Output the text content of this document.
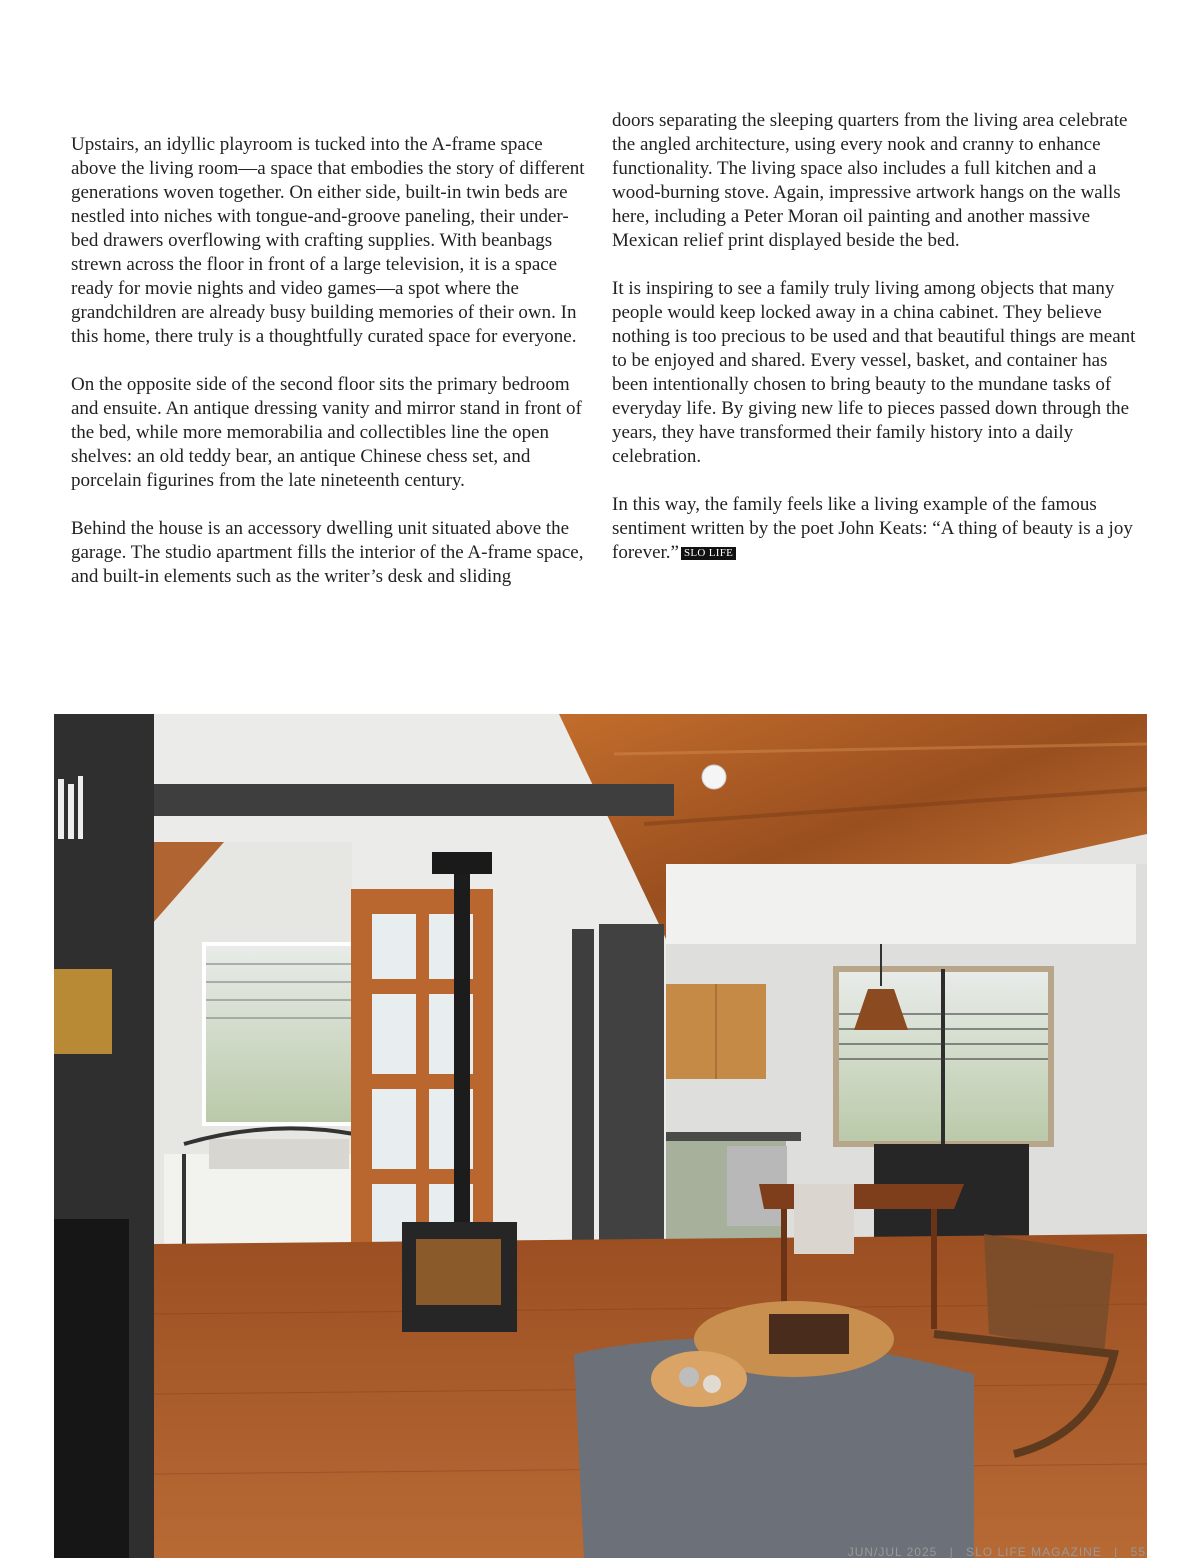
Upstairs, an idyllic playroom is tucked into the A-frame space above the living room—a space that embodies the story of different generations woven together. On either side, built-in twin beds are nestled into niches with tongue-and-groove paneling, their under-bed drawers overflowing with crafting supplies. With beanbags strewn across the floor in front of a large television, it is a space ready for movie nights and video games—a spot where the grandchildren are already busy building memories of their own. In this home, there truly is a thoughtfully curated space for everyone.

On the opposite side of the second floor sits the primary bedroom and ensuite. An antique dressing vanity and mirror stand in front of the bed, while more memorabilia and collectibles line the open shelves: an old teddy bear, an antique Chinese chess set, and porcelain figurines from the late nineteenth century.

Behind the house is an accessory dwelling unit situated above the garage. The studio apartment fills the interior of the A-frame space, and built-in elements such as the writer’s desk and sliding

doors separating the sleeping quarters from the living area celebrate the angled architecture, using every nook and cranny to enhance functionality. The living space also includes a full kitchen and a wood-burning stove. Again, impressive artwork hangs on the walls here, including a Peter Moran oil painting and another massive Mexican relief print displayed beside the bed.

It is inspiring to see a family truly living among objects that many people would keep locked away in a china cabinet. They believe nothing is too precious to be used and that beautiful things are meant to be enjoyed and shared. Every vessel, basket, and container has been intentionally chosen to bring beauty to the mundane tasks of everyday life. By giving new life to pieces passed down through the years, they have transformed their family history into a daily celebration.

In this way, the family feels like a living example of the famous sentiment written by the poet John Keats: “A thing of beauty is a joy forever.” SLO LIFE

JUN/JUL 2025 | SLO LIFE MAGAZINE | 55
